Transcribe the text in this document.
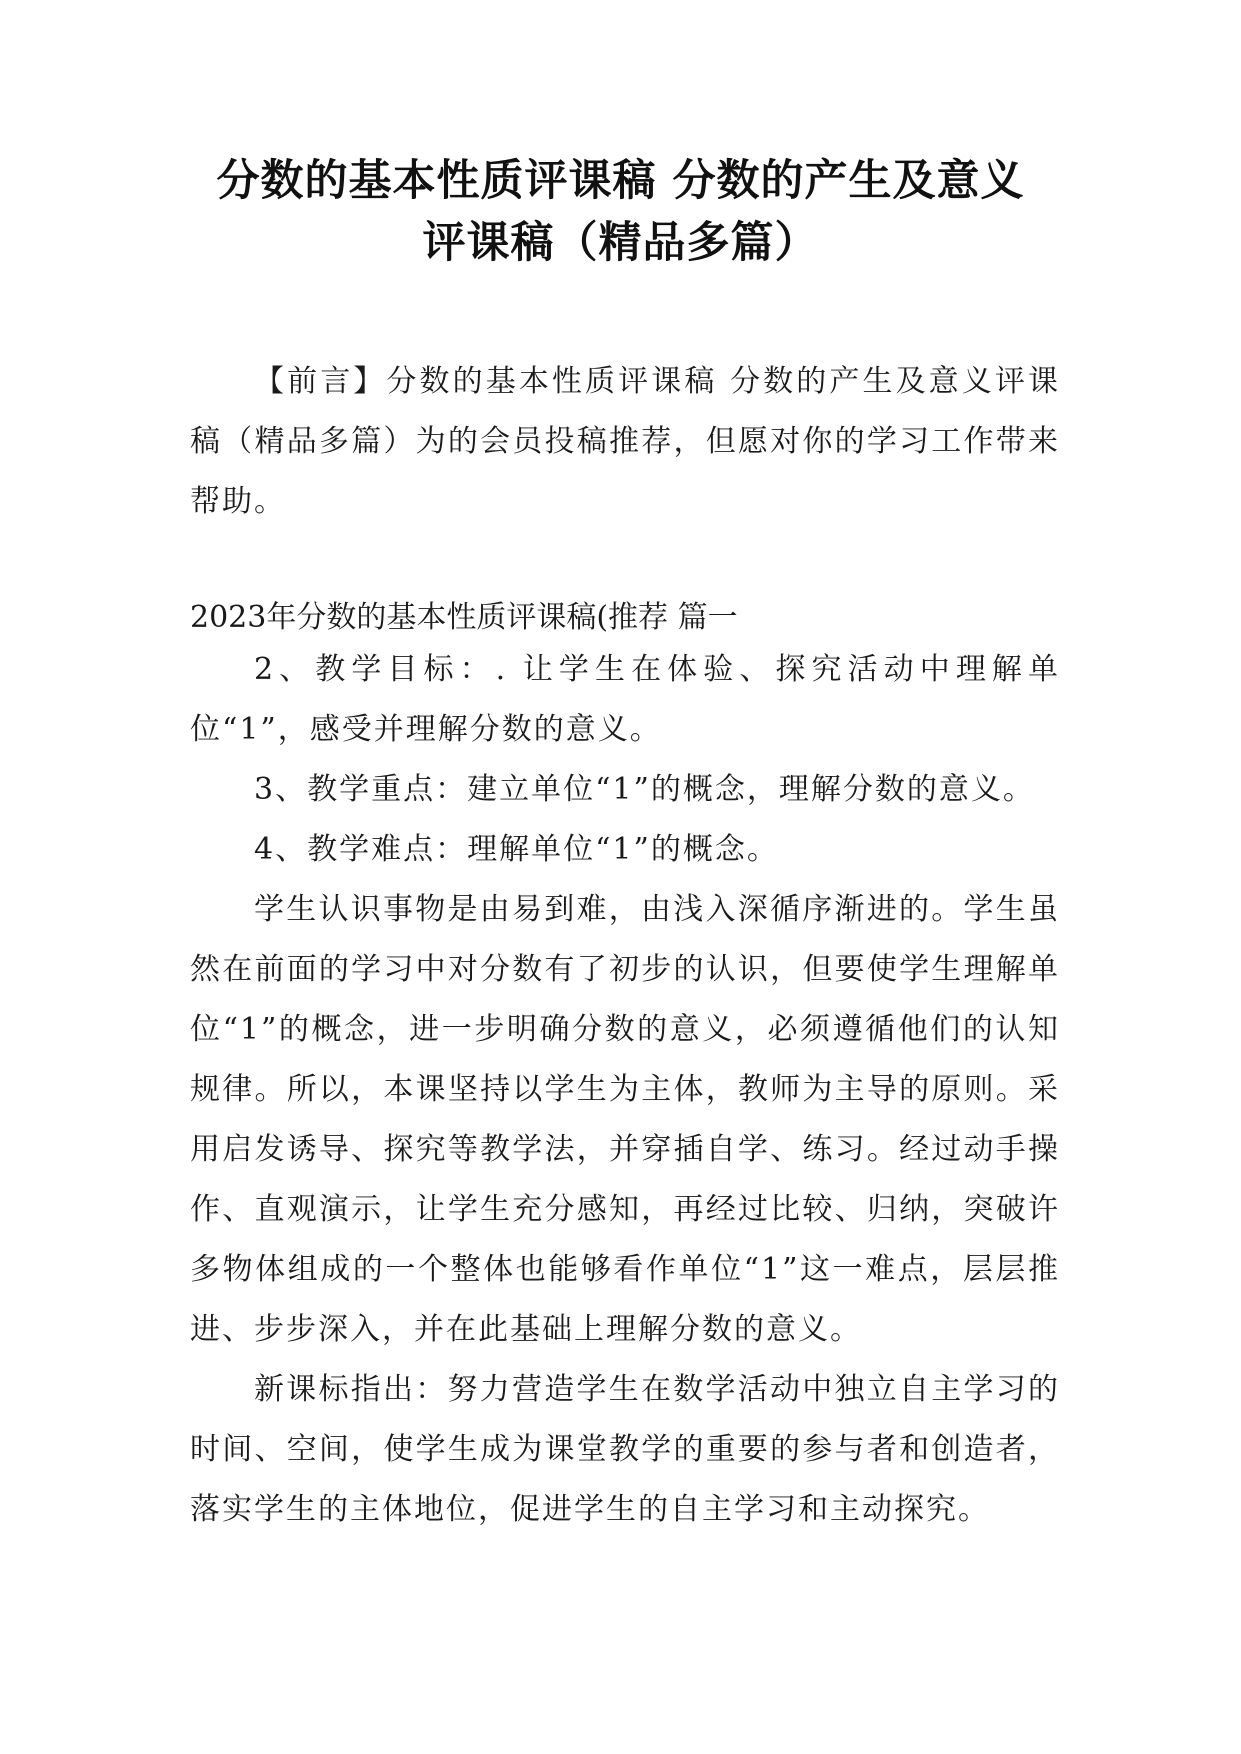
分数的基本性质评课稿 分数的产生及意义
评课稿（精品多篇）

【前言】分数的基本性质评课稿 分数的产生及意义评课稿（精品多篇）为的会员投稿推荐，但愿对你的学习工作带来帮助。

2023年分数的基本性质评课稿(推荐 篇一

2、教学目标：. 让学生在体验、探究活动中理解单位“1”，感受并理解分数的意义。

3、教学重点：建立单位“1”的概念，理解分数的意义。

4、教学难点：理解单位“1”的概念。

学生认识事物是由易到难，由浅入深循序渐进的。学生虽然在前面的学习中对分数有了初步的认识，但要使学生理解单位“1”的概念，进一步明确分数的意义，必须遵循他们的认知规律。所以，本课坚持以学生为主体，教师为主导的原则。采用启发诱导、探究等教学法，并穿插自学、练习。经过动手操作、直观演示，让学生充分感知，再经过比较、归纳，突破许多物体组成的一个整体也能够看作单位“1”这一难点，层层推进、步步深入，并在此基础上理解分数的意义。

新课标指出：努力营造学生在数学活动中独立自主学习的时间、空间，使学生成为课堂教学的重要的参与者和创造者，落实学生的主体地位，促进学生的自主学习和主动探究。
